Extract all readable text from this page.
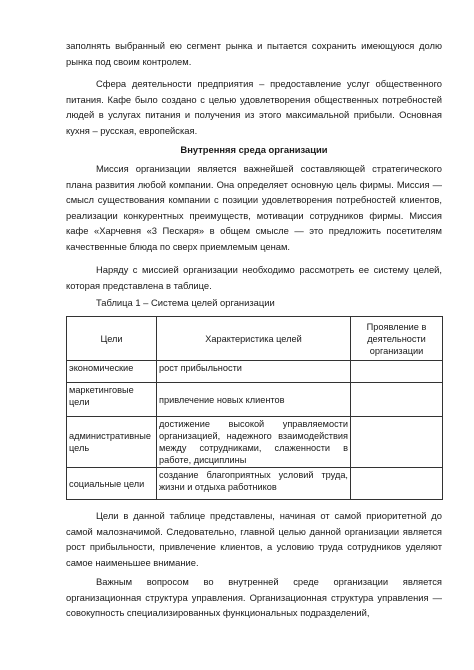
заполнять выбранный ею сегмент рынка и пытается сохранить имеющуюся долю рынка под своим контролем.

Сфера деятельности предприятия – предоставление услуг общественного питания. Кафе было создано с целью удовлетворения общественных потребностей людей в услугах питания и получения из этого максимальной прибыли. Основная кухня – русская, европейская.

Внутренняя среда организации

Миссия организации является важнейшей составляющей стратегического плана развития любой компании. Она определяет основную цель фирмы. Миссия — смысл существования компании с позиции удовлетворения потребностей клиентов, реализации конкурентных преимуществ, мотивации сотрудников фирмы. Миссия кафе «Харчевня «3 Пескаря» в общем смысле — это предложить посетителям качественные блюда по сверх приемлемым ценам.

Наряду с миссией организации необходимо рассмотреть ее систему целей, которая представлена в таблице.

Таблица 1 – Система целей организации

Цели	Характеристика целей	Проявление в деятельности организации
экономические	рост прибыльности	
маркетинговые цели	привлечение новых клиентов	
административные цель	достижение высокой управляемости организацией, надежного взаимодействия между сотрудниками, слаженности в работе, дисциплины	
социальные цели	создание благоприятных условий труда, жизни и отдыха работников	

Цели в данной таблице представлены, начиная от самой приоритетной до самой малозначимой. Следовательно, главной целью данной организации является рост прибыльности, привлечение клиентов, а условию труда сотрудников уделяют самое наименьшее внимание.

Важным вопросом во внутренней среде организации является организационная структура управления. Организационная структура управления — совокупность специализированных функциональных подразделений,
